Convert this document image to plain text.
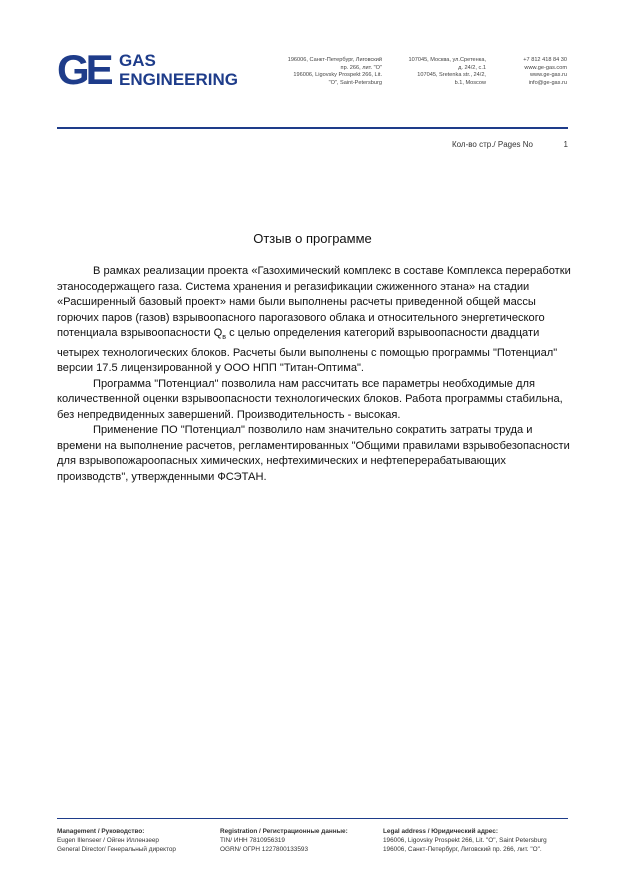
GE GAS
ENGINEERING
196006, Санкт-Петербург, Лиговский
пр. 266, лит. "О"
196006, Ligovsky Prospekt 266, Lit.
"O", Saint-Petersburg
107045, Москва, ул.Сретенка,
д. 24/2, с.1
107045, Sretenka str., 24/2,
b.1, Moscow
+7 812 418 84 30
www.ge-gas.com
www.ge-gas.ru
info@ge-gas.ru
Кол-во стр./ Pages No	1
Отзыв о программе

В рамках реализации проекта «Газохимический комплекс в составе Комплекса переработки этаносодержащего газа. Система хранения и регазификации сжиженного этана» на стадии «Расширенный базовый проект» нами были выполнены расчеты приведенной общей массы горючих паров (газов) взрывоопасного парогазового облака и относительного энергетического потенциала взрывоопасности $Q_в$ с целью определения категорий взрывоопасности двадцати четырех технологических блоков. Расчеты были выполнены с помощью программы "Потенциал" версии 17.5 лицензированной у ООО НПП "Титан-Оптима".

Программа "Потенциал" позволила нам рассчитать все параметры необходимые для количественной оценки взрывоопасности технологических блоков. Работа программы стабильна, без непредвиденных завершений. Производительность - высокая.

Применение ПО "Потенциал" позволило нам значительно сократить затраты труда и времени на выполнение расчетов, регламентированных "Общими правилами взрывобезопасности для взрывопожароопасных химических, нефтехимических и нефтеперерабатывающих производств", утвержденными ФСЭТАН.

Management / Руководство:
Eugen Illenseer / Ойген Иллензеер
General Director/ Генеральный директор
Registration / Регистрационные данные:
TIN/ ИНН 7810956319
OGRN/ ОГРН 1227800133593
Legal address / Юридический адрес:
196006, Ligovsky Prospekt 266, Lit. "O", Saint Petersburg
196006, Санкт-Петербург, Лиговский пр. 266, лит. "О".
